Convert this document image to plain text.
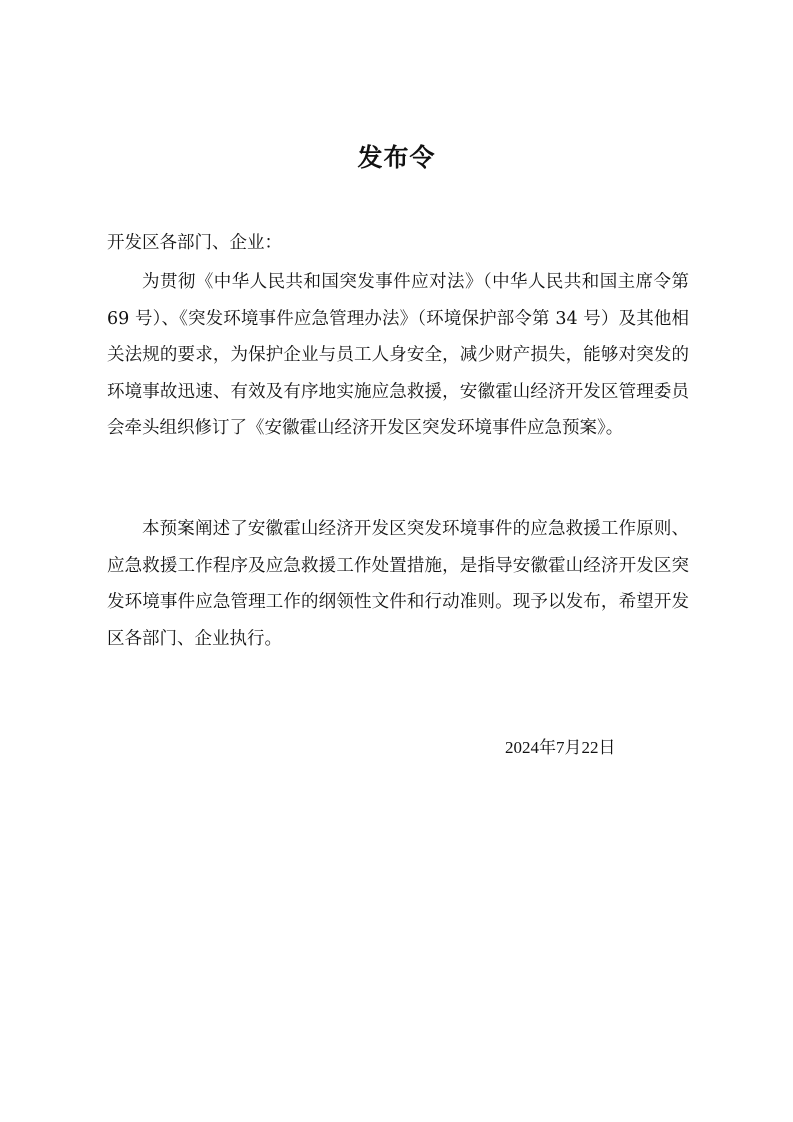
发布令
开发区各部门、企业：
为贯彻《中华人民共和国突发事件应对法》（中华人民共和国主席令第 69 号）、《突发环境事件应急管理办法》（环境保护部令第 34 号）及其他相关法规的要求，为保护企业与员工人身安全，减少财产损失，能够对突发的环境事故迅速、有效及有序地实施应急救援，安徽霍山经济开发区管理委员会牵头组织修订了《安徽霍山经济开发区突发环境事件应急预案》。
本预案阐述了安徽霍山经济开发区突发环境事件的应急救援工作原则、应急救援工作程序及应急救援工作处置措施，是指导安徽霍山经济开发区突发环境事件应急管理工作的纲领性文件和行动准则。现予以发布，希望开发区各部门、企业执行。
2024年7月22日
